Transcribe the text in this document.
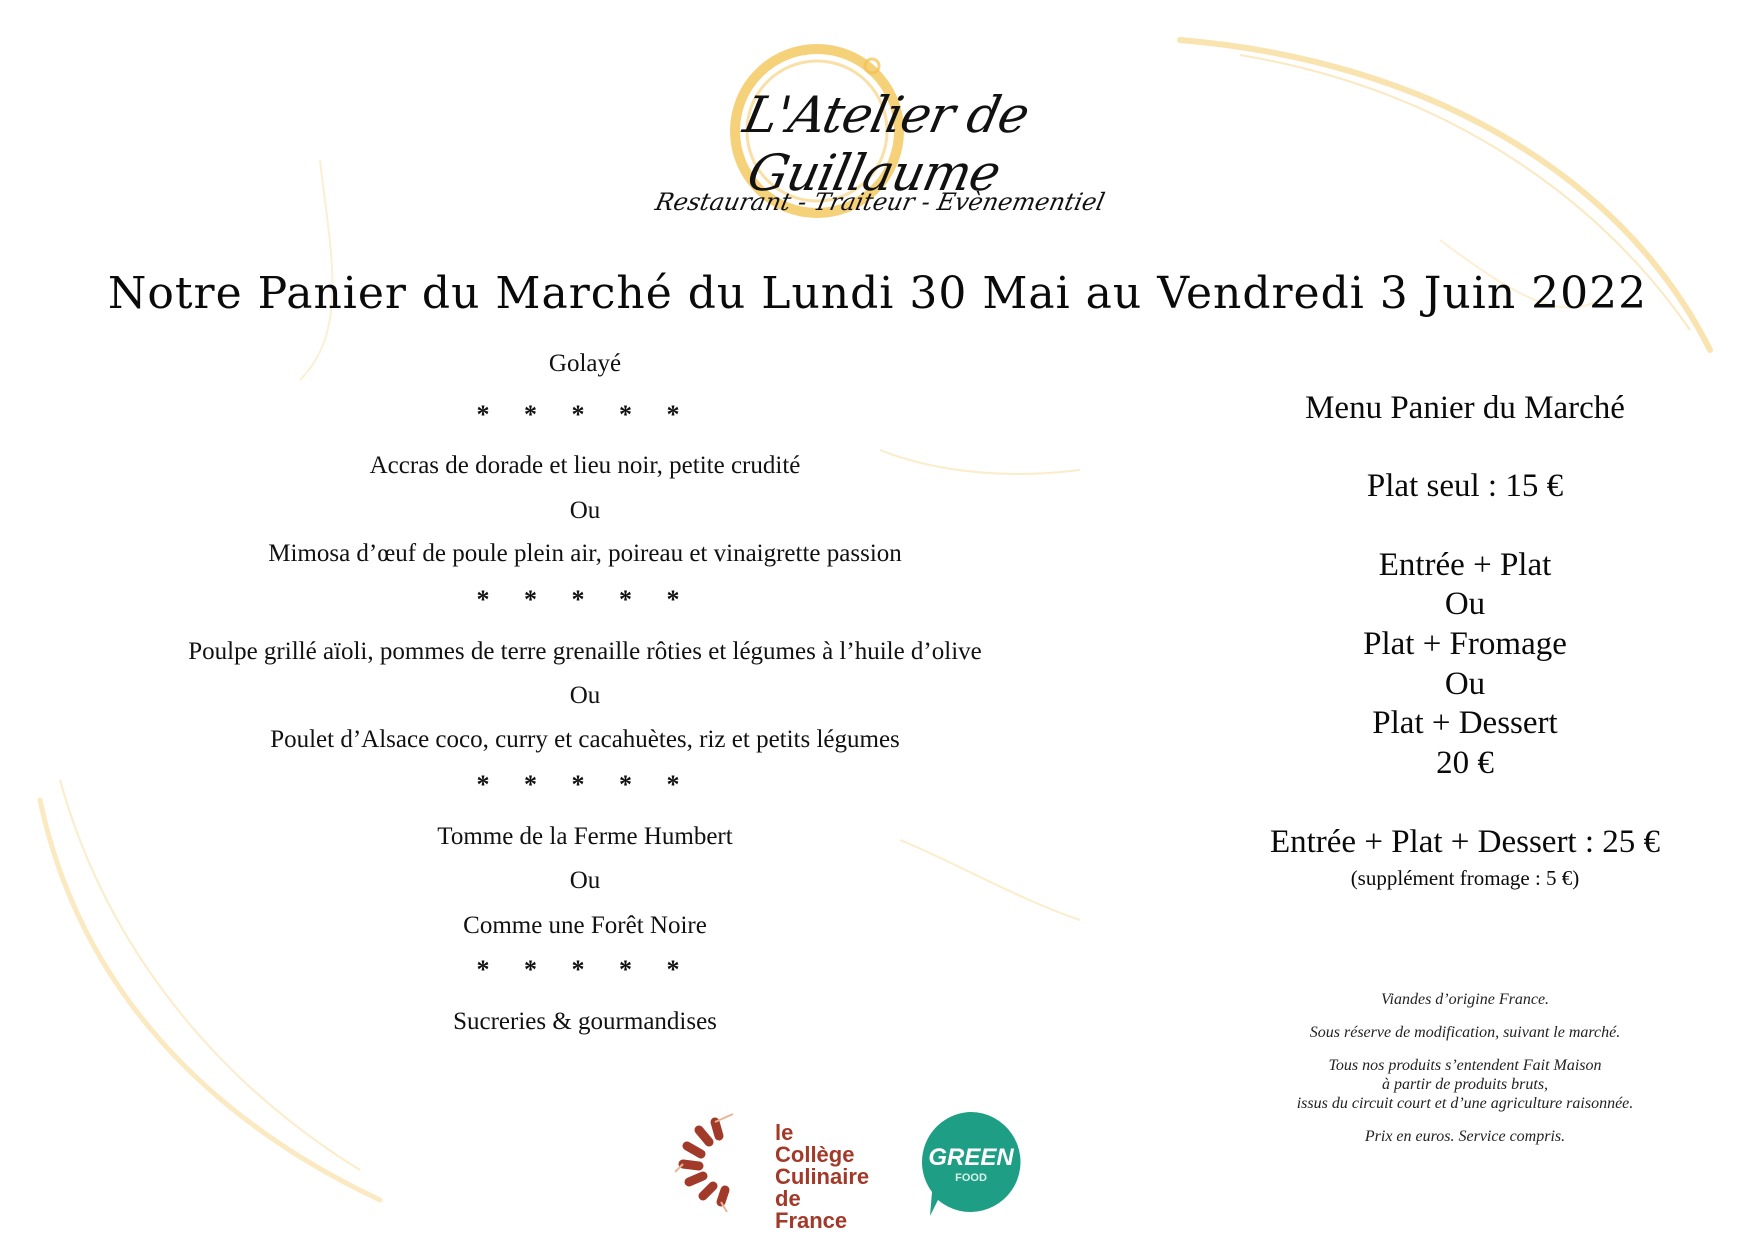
L'Atelier de Guillaume
Restaurant - Traiteur - Evènementiel
Notre Panier du Marché du Lundi 30 Mai au Vendredi 3 Juin 2022
Golayé
* * * * *
Accras de dorade et lieu noir, petite crudité
Ou
Mimosa d’œuf de poule plein air, poireau et vinaigrette passion
* * * * *
Poulpe grillé aïoli, pommes de terre grenaille rôties et légumes à l’huile d’olive
Ou
Poulet d’Alsace coco, curry et cacahuètes, riz et petits légumes
* * * * *
Tomme de la Ferme Humbert
Ou
Comme une Forêt Noire
* * * * *
Sucreries & gourmandises
Menu Panier du Marché
Plat seul : 15 €
Entrée + Plat
Ou
Plat + Fromage
Ou
Plat + Dessert
20 €
Entrée + Plat + Dessert : 25 €
(supplément fromage : 5 €)
Viandes d’origine France.
Sous réserve de modification, suivant le marché.
Tous nos produits s’entendent Fait Maison
à partir de produits bruts,
issus du circuit court et d’une agriculture raisonnée.
Prix en euros. Service compris.
le Collège
Culinaire
de France
GREEN
FOOD
